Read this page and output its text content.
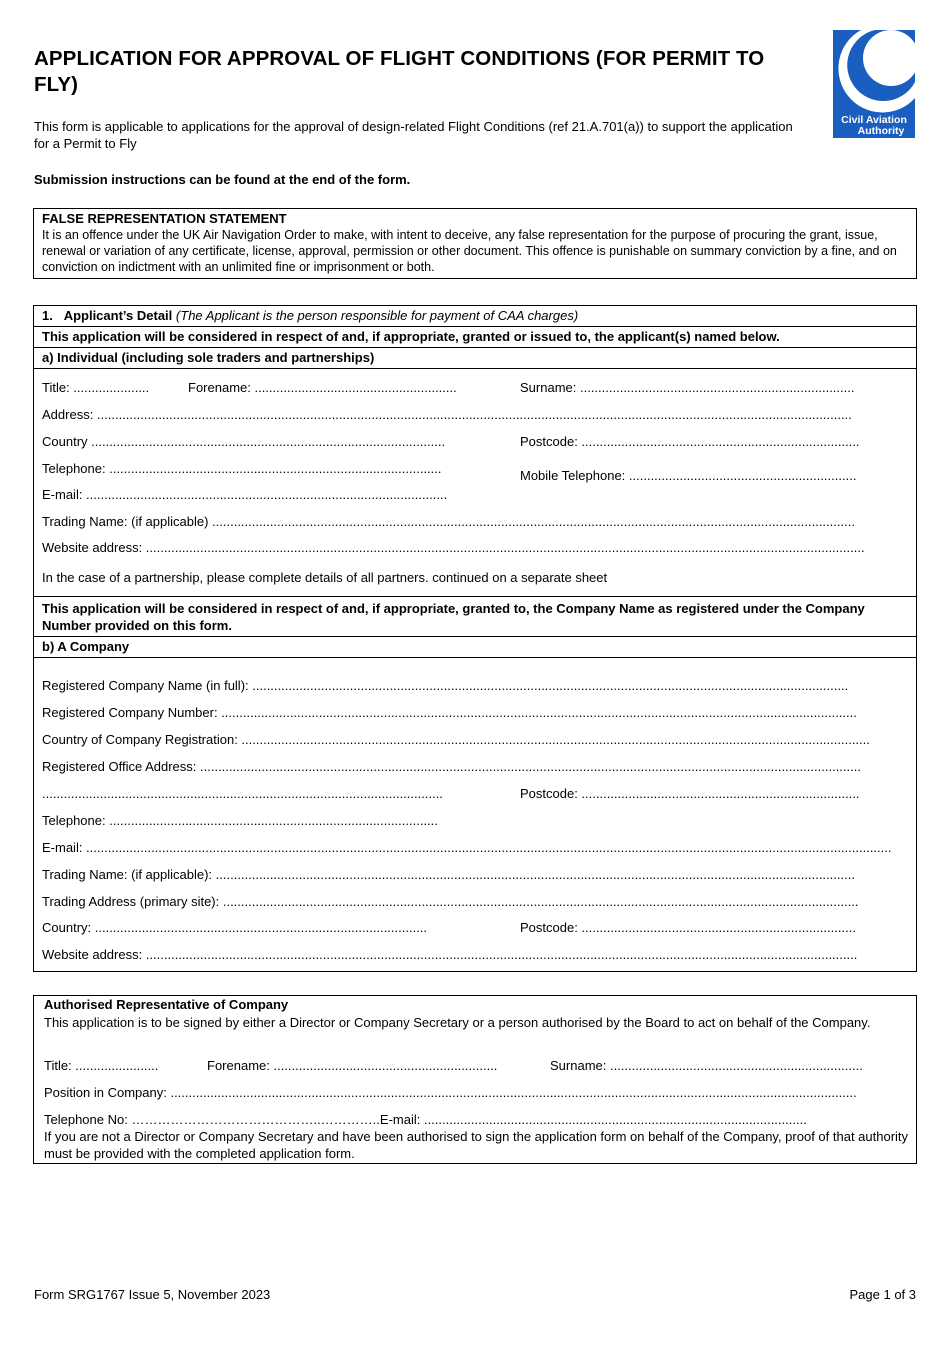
APPLICATION FOR APPROVAL OF FLIGHT CONDITIONS (FOR PERMIT TO FLY)
This form is applicable to applications for the approval of design-related Flight Conditions (ref 21.A.701(a)) to support the application for a Permit to Fly
Submission instructions can be found at the end of the form.
Civil Aviation
Authority
FALSE REPRESENTATION STATEMENT
It is an offence under the UK Air Navigation Order to make, with intent to deceive, any false representation for the purpose of procuring the grant, issue, renewal or variation of any certificate, license, approval, permission or other document. This offence is punishable on summary conviction by a fine, and on conviction on indictment with an unlimited fine or imprisonment or both.
1. Applicant’s Detail (The Applicant is the person responsible for payment of CAA charges)
This application will be considered in respect of and, if appropriate, granted or issued to, the applicant(s) named below.
a) Individual (including sole traders and partnerships)
Title: .....................	Forename: ........................................................	Surname: ............................................................................
Address: .................................................................................................................................................................................................................
Country ..................................................................................................	Postcode: .............................................................................
Telephone: ............................................................................................	Mobile Telephone: ...............................................................
E-mail: ....................................................................................................
Trading Name: (if applicable) ..................................................................................................................................................................................
Website address: .......................................................................................................................................................................................................
In the case of a partnership, please complete details of all partners. continued on a separate sheet
This application will be considered in respect of and, if appropriate, granted to, the Company Name as registered under the Company Number provided on this form.
b) A Company
Registered Company Name (in full): .....................................................................................................................................................................
Registered Company Number: ................................................................................................................................................................................
Country of Company Registration: ..............................................................................................................................................................................
Registered Office Address: .......................................................................................................................................................................................
...............................................................................................................	Postcode: .............................................................................
Telephone: ...........................................................................................
E-mail: ...............................................................................................................................................................................................................................
Trading Name: (if applicable): .................................................................................................................................................................................
Trading Address (primary site): ................................................................................................................................................................................
Country: ............................................................................................	Postcode: ............................................................................
Website address: .....................................................................................................................................................................................................
Authorised Representative of Company
This application is to be signed by either a Director or Company Secretary or a person authorised by the Board to act on behalf of the Company.
Title: .......................	Forename: ..............................................................	Surname: ......................................................................
Position in Company: ..............................................................................................................................................................................................
Telephone No: ……………………………………..…………..E-mail: ..........................................................................................................
If you are not a Director or Company Secretary and have been authorised to sign the application form on behalf of the Company, proof of that authority must be provided with the completed application form.
Form SRG1767 Issue 5, November 2023	Page 1 of 3
